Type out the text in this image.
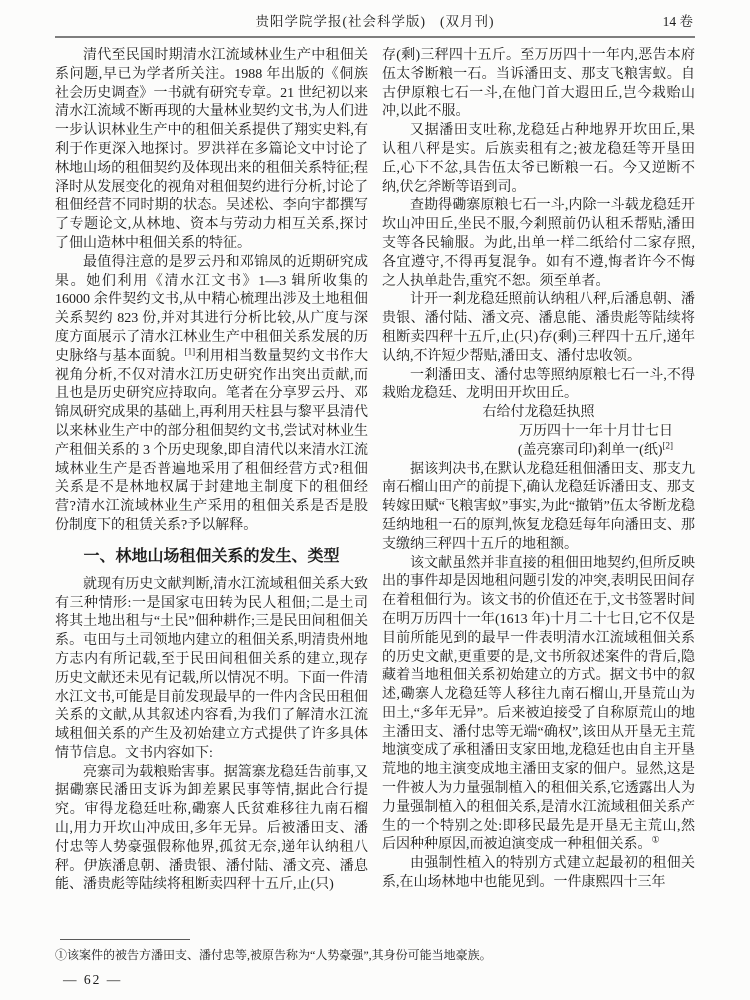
贵阳学院学报(社会科学版) (双月刊)	14 卷

清代至民国时期清水江流域林业生产中租佃关系问题,早已为学者所关注。1988 年出版的《侗族社会历史调查》一书就有研究专章。21 世纪初以来清水江流域不断再现的大量林业契约文书,为人们进一步认识林业生产中的租佃关系提供了翔实史料,有利于作更深入地探讨。罗洪祥在多篇论文中讨论了林地山场的租佃契约及体现出来的租佃关系特征;程泽时从发展变化的视角对租佃契约进行分析,讨论了租佃经营不同时期的状态。吴述松、李向宇都撰写了专题论文,从林地、资本与劳动力相互关系,探讨了佃山造林中租佃关系的特征。

最值得注意的是罗云丹和邓锦凤的近期研究成果。她们利用《清水江文书》1—3 辑所收集的 16000 余件契约文书,从中精心梳理出涉及土地租佃关系契约 823 份,并对其进行分析比较,从广度与深度方面展示了清水江林业生产中租佃关系发展的历史脉络与基本面貌。[1]利用相当数量契约文书作大视角分析,不仅对清水江历史研究作出突出贡献,而且也是历史研究应持取向。笔者在分享罗云丹、邓锦凤研究成果的基础上,再利用天柱县与黎平县清代以来林业生产中的部分租佃契约文书,尝试对林业生产租佃关系的 3 个历史现象,即自清代以来清水江流域林业生产是否普遍地采用了租佃经营方式?租佃关系是不是林地权属于封建地主制度下的租佃经营?清水江流域林业生产采用的租佃关系是否是股份制度下的租赁关系?予以解释。

一、林地山场租佃关系的发生、类型

就现有历史文献判断,清水江流域租佃关系大致有三种情形:一是国家屯田转为民人租佃;二是土司将其土地出租与“土民”佃种耕作;三是民田间租佃关系。屯田与土司领地内建立的租佃关系,明清贵州地方志内有所记载,至于民田间租佃关系的建立,现存历史文献还未见有记载,所以情况不明。下面一件清水江文书,可能是目前发现最早的一件内含民田租佃关系的文献,从其叙述内容看,为我们了解清水江流域租佃关系的产生及初始建立方式提供了许多具体情节信息。文书内容如下:

亮寨司为载粮贻害事。据篙寨龙稳廷告前事,又据磡寨民潘田支诉为卸差累民事等情,据此合行提究。审得龙稳廷吐称,磡寨人氏贫难移往九南石榴山,用力开坎山冲成田,多年无异。后被潘田支、潘付忠等人势豪强假称他界,孤贫无奈,递年认纳租八秤。伊族潘息朝、潘贵银、潘付陆、潘文亮、潘息能、潘贵彪等陆续将租断卖四秤十五斤,止(只)

存(剩)三秤四十五斤。至万历四十一年内,恶告本府伍太爷断粮一石。当诉潘田支、那支飞粮害蚁。自古伊原粮七石一斗,在他门首大遐田丘,岂今栽贻山冲,以此不服。

又据潘田支吐称,龙稳廷占种地界开坎田丘,果认租八秤是实。后族卖租有之;被龙稳廷等开垦田丘,心下不忿,具告伍太爷已断粮一石。今又逆断不纳,伏乞斧断等语到司。

查勘得磡寨原粮七石一斗,内除一斗载龙稳廷开坎山冲田丘,坐民不服,今剎照前仍认租禾帮贴,潘田支等各民输服。为此,出单一样二纸给付二家存照,各宜遵守,不得再复混争。如有不遵,悔者许今不悔之人执单赴告,重究不恕。须至单者。

计开一剎龙稳廷照前认纳租八秤,后潘息朝、潘贵银、潘付陆、潘文亮、潘息能、潘贵彪等陆续将租断卖四秤十五斤,止(只)存(剩)三秤四十五斤,递年认纳,不许短少帮贴,潘田支、潘付忠收领。

一剎潘田支、潘付忠等照纳原粮七石一斗,不得栽贻龙稳廷、龙明田开坎田丘。

右给付龙稳廷执照

万历四十一年十月廿七日

(盖亮寨司印)剎单一(纸)[2]

据该判决书,在默认龙稳廷租佃潘田支、那支九南石榴山田产的前提下,确认龙稳廷诉潘田支、那支转嫁田赋“飞粮害蚁”事实,为此“撤销”伍太爷断龙稳廷纳地租一石的原判,恢复龙稳廷每年向潘田支、那支缴纳三秤四十五斤的地租额。

该文献虽然并非直接的租佃田地契约,但所反映出的事件却是因地租问题引发的冲突,表明民田间存在着租佃行为。该文书的价值还在于,文书签署时间在明万历四十一年(1613 年)十月二十七日,它不仅是目前所能见到的最早一件表明清水江流域租佃关系的历史文献,更重要的是,文书所叙述案件的背后,隐藏着当地租佃关系初始建立的方式。据文书中的叙述,磡寨人龙稳廷等人移往九南石榴山,开垦荒山为田土,“多年无异”。后来被迫接受了自称原荒山的地主潘田支、潘付忠等无端“确权”,该田从开垦无主荒地演变成了承租潘田支家田地,龙稳廷也由自主开垦荒地的地主演变成地主潘田支家的佃户。显然,这是一件被人为力量强制植入的租佃关系,它透露出人为力量强制植入的租佃关系,是清水江流域租佃关系产生的一个特别之处:即移民最先是开垦无主荒山,然后因种种原因,而被迫演变成一种租佃关系。①

由强制性植入的特别方式建立起最初的租佃关系,在山场林地中也能见到。一件康熙四十三年

①该案件的被告方潘田支、潘付忠等,被原告称为“人势豪强”,其身份可能当地豪族。

— 62 —
